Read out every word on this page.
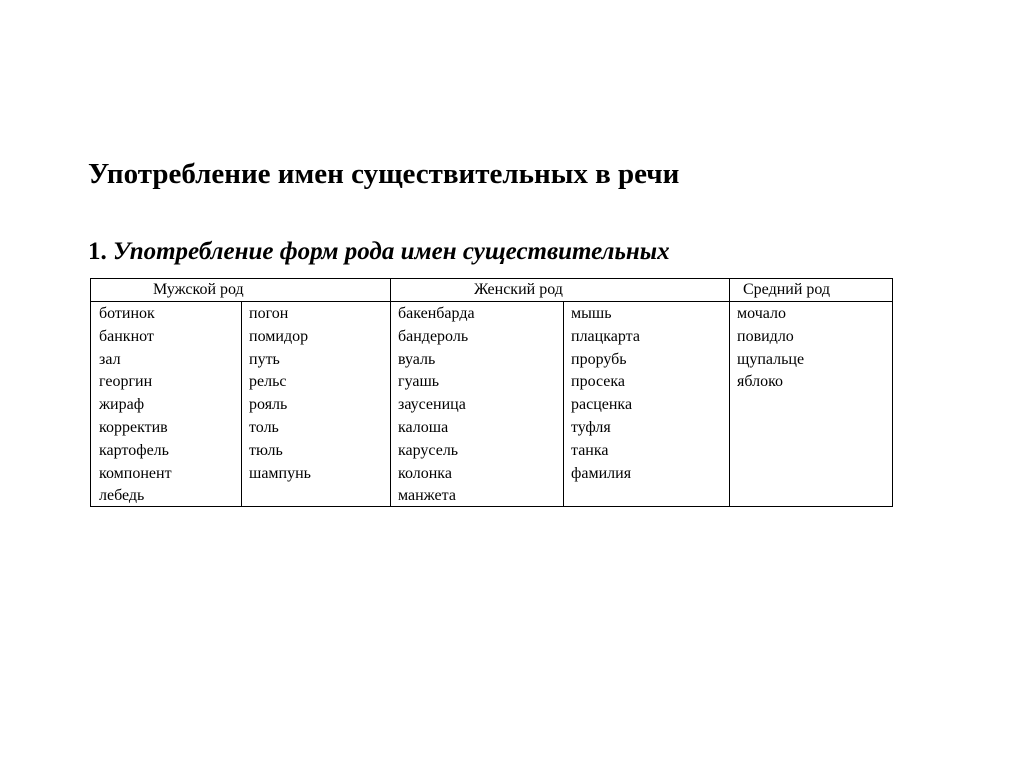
Употребление имен существительных в речи
1. Употребление форм рода имен существительных
Мужской род	Женский род	Средний род
ботинок
банкнот
зал
георгин
жираф
корректив
картофель
компонент
лебедь
погон
помидор
путь
рельс
рояль
толь
тюль
шампунь
бакенбарда
бандероль
вуаль
гуашь
заусеница
калоша
карусель
колонка
манжета
мышь
плацкарта
прорубь
просека
расценка
туфля
танка
фамилия
мочало
повидло
щупальце
яблоко
